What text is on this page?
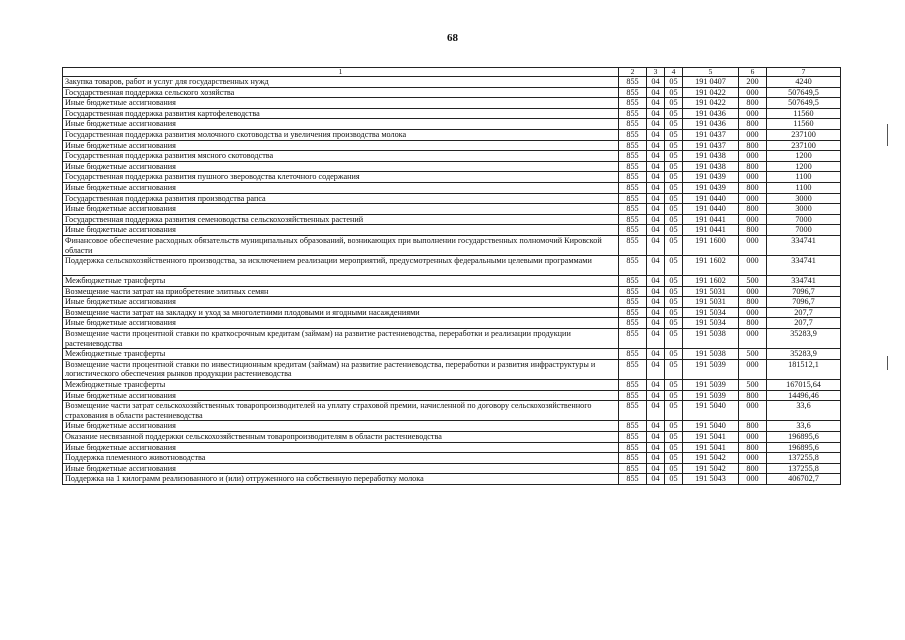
68
1	2	3	4	5	6	7
Закупка товаров, работ и услуг для государственных нужд	855	04	05	191 0407	200	4240
Государственная поддержка сельского хозяйства	855	04	05	191 0422	000	507649,5
Иные бюджетные ассигнования	855	04	05	191 0422	800	507649,5
Государственная поддержка развития картофелеводства	855	04	05	191 0436	000	11560
Иные бюджетные ассигнования	855	04	05	191 0436	800	11560
Государственная поддержка развития молочного скотоводства и увеличения производства молока	855	04	05	191 0437	000	237100
Иные бюджетные ассигнования	855	04	05	191 0437	800	237100
Государственная поддержка развития мясного скотоводства	855	04	05	191 0438	000	1200
Иные бюджетные ассигнования	855	04	05	191 0438	800	1200
Государственная поддержка развития пушного звероводства клеточного содержания	855	04	05	191 0439	000	1100
Иные бюджетные ассигнования	855	04	05	191 0439	800	1100
Государственная поддержка развития производства рапса	855	04	05	191 0440	000	3000
Иные бюджетные ассигнования	855	04	05	191 0440	800	3000
Государственная поддержка развития семеноводства сельскохозяйственных растений	855	04	05	191 0441	000	7000
Иные бюджетные ассигнования	855	04	05	191 0441	800	7000
Финансовое обеспечение расходных обязательств муниципальных образований, возникающих при выполнении государственных полномочий Кировской области	855	04	05	191 1600	000	334741
Поддержка сельскохозяйственного производства, за исключением реализации мероприятий, предусмотренных федеральными целевыми программами	855	04	05	191 1602	000	334741
Межбюджетные трансферты	855	04	05	191 1602	500	334741
Возмещение части затрат на приобретение элитных семян	855	04	05	191 5031	000	7096,7
Иные бюджетные ассигнования	855	04	05	191 5031	800	7096,7
Возмещение части затрат на закладку и уход за многолетними плодовыми и ягодными насаждениями	855	04	05	191 5034	000	207,7
Иные бюджетные ассигнования	855	04	05	191 5034	800	207,7
Возмещение части процентной ставки по краткосрочным кредитам (займам) на развитие растениеводства, переработки и реализации продукции растениеводства	855	04	05	191 5038	000	35283,9
Межбюджетные трансферты	855	04	05	191 5038	500	35283,9
Возмещение части процентной ставки по инвестиционным кредитам (займам) на развитие растениеводства, переработки и развития инфраструктуры и логистического обеспечения рынков продукции растениеводства	855	04	05	191 5039	000	181512,1
Межбюджетные трансферты	855	04	05	191 5039	500	167015,64
Иные бюджетные ассигнования	855	04	05	191 5039	800	14496,46
Возмещение части затрат сельскохозяйственных товаропроизводителей на уплату страховой премии, начисленной по договору сельскохозяйственного страхования в области растениеводства	855	04	05	191 5040	000	33,6
Иные бюджетные ассигнования	855	04	05	191 5040	800	33,6
Оказание несвязанной поддержки сельскохозяйственным товаропроизводителям в области растениеводства	855	04	05	191 5041	000	196895,6
Иные бюджетные ассигнования	855	04	05	191 5041	800	196895,6
Поддержка племенного животноводства	855	04	05	191 5042	000	137255,8
Иные бюджетные ассигнования	855	04	05	191 5042	800	137255,8
Поддержка на 1 килограмм реализованного и (или) отгруженного на собственную переработку молока	855	04	05	191 5043	000	406702,7
